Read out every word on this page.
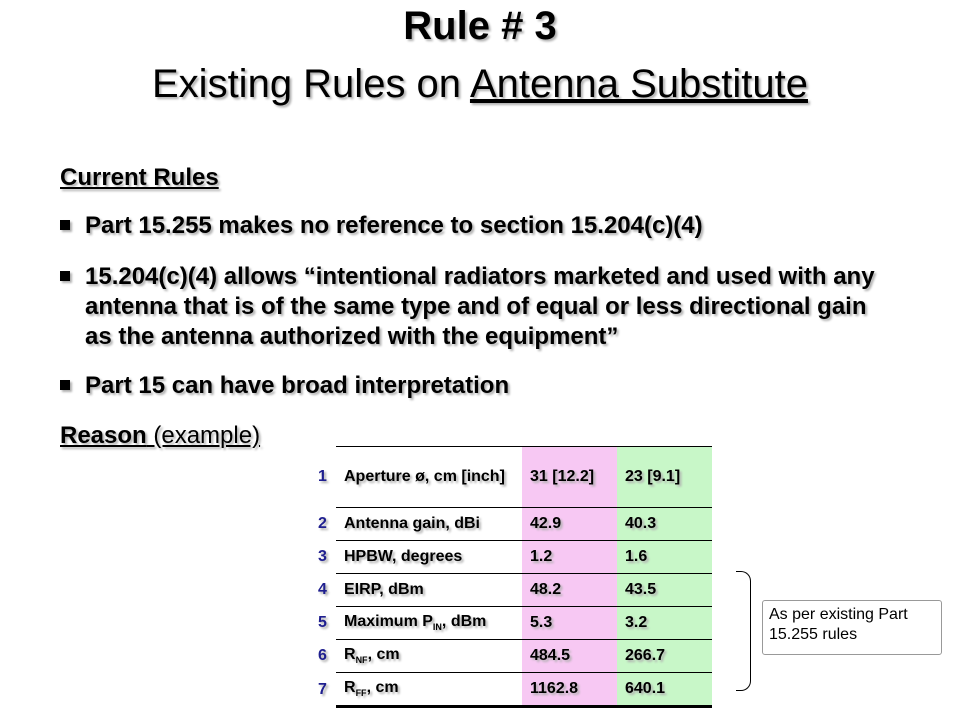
Rule # 3
Existing Rules on Antenna Substitute
Current Rules
Part 15.255 makes no reference to section 15.204(c)(4)
15.204(c)(4) allows “intentional radiators marketed and used with any antenna that is of the same type and of equal or less directional gain as the antenna authorized with the equipment”
Part 15 can have broad interpretation
Reason (example)
1	Aperture ø, cm [inch]	31 [12.2]	23 [9.1]
2	Antenna gain, dBi	42.9	40.3
3	HPBW, degrees	1.2	1.6
4	EIRP, dBm	48.2	43.5
5	Maximum $P_{IN}$, dBm	5.3	3.2
6	$R_{NF}$, cm	484.5	266.7
7	$R_{FF}$, cm	1162.8	640.1
As per existing Part 15.255 rules
